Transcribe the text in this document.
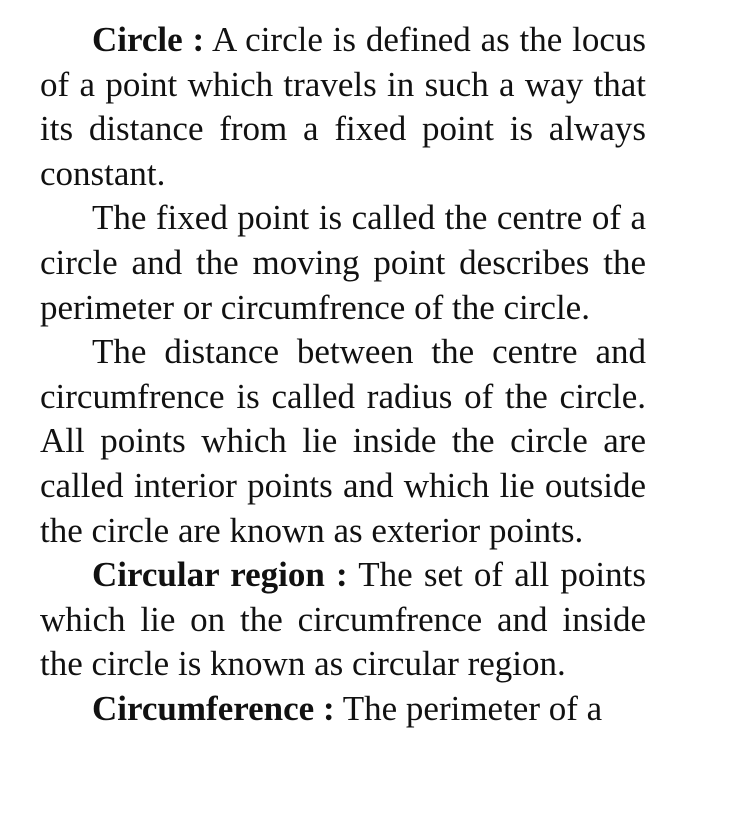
Circle : A circle is defined as the locus of a point which travels in such a way that its distance from a fixed point is always constant.

The fixed point is called the centre of a circle and the moving point describes the perimeter or circumfrence of the circle.

The distance between the centre and circumfrence is called radius of the circle. All points which lie inside the circle are called interior points and which lie outside the circle are known as exterior points.

Circular region : The set of all points which lie on the circumfrence and inside the circle is known as circular region.

Circumference : The perimeter of a
